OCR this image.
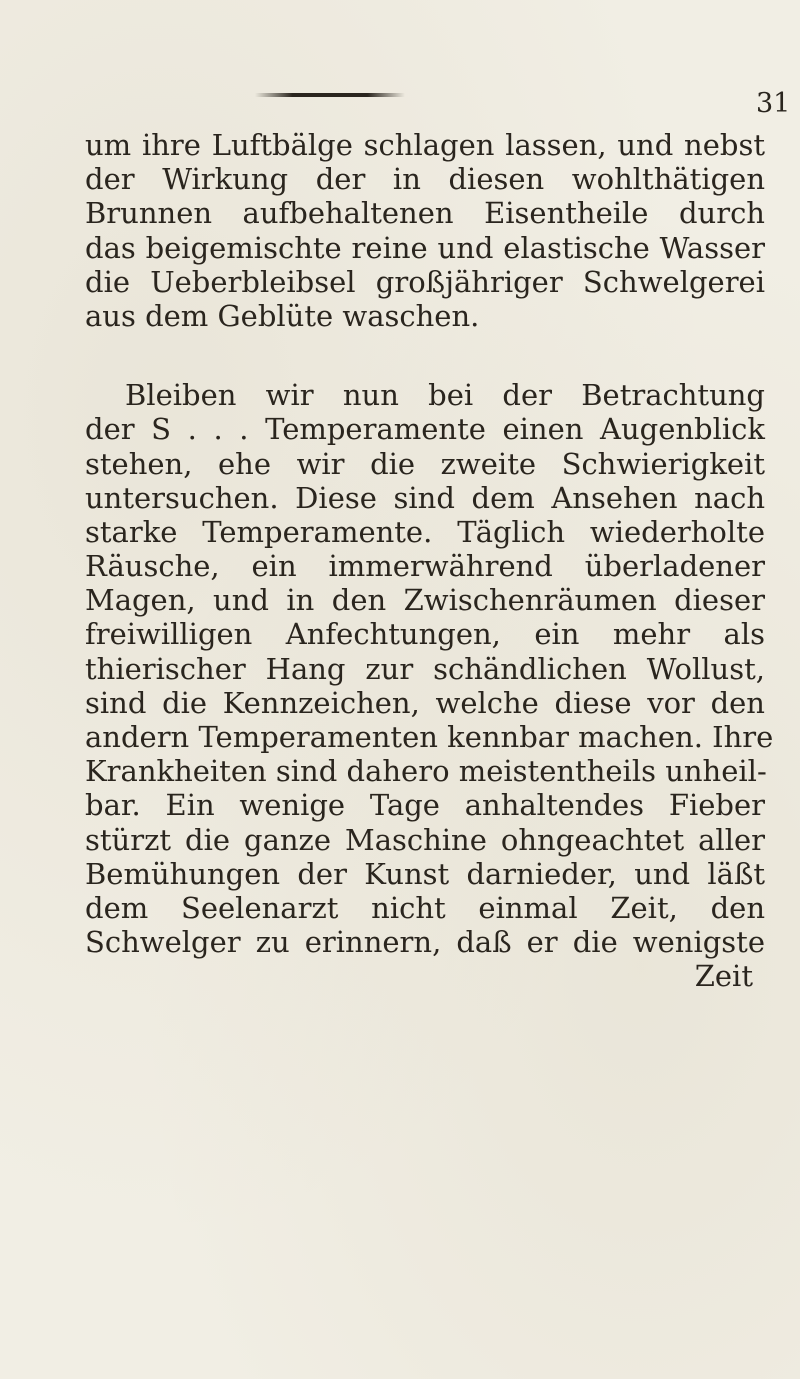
31
um ihre Luftbälge schlagen lassen, und nebst
der Wirkung der in diesen wohlthätigen
Brunnen aufbehaltenen Eisentheile durch
das beigemischte reine und elastische Wasser
die Ueberbleibsel großjähriger Schwelgerei
aus dem Geblüte waschen.
Bleiben wir nun bei der Betrachtung
der S . . . Temperamente einen Augenblick
stehen, ehe wir die zweite Schwierigkeit
untersuchen. Diese sind dem Ansehen nach
starke Temperamente. Täglich wiederholte
Räusche, ein immerwährend überladener
Magen, und in den Zwischenräumen dieser
freiwilligen Anfechtungen, ein mehr als
thierischer Hang zur schändlichen Wollust,
sind die Kennzeichen, welche diese vor den
andern Temperamenten kennbar machen. Ihre
Krankheiten sind dahero meistentheils unheil-
bar. Ein wenige Tage anhaltendes Fieber
stürzt die ganze Maschine ohngeachtet aller
Bemühungen der Kunst darnieder, und läßt
dem Seelenarzt nicht einmal Zeit, den
Schwelger zu erinnern, daß er die wenigste
Zeit
